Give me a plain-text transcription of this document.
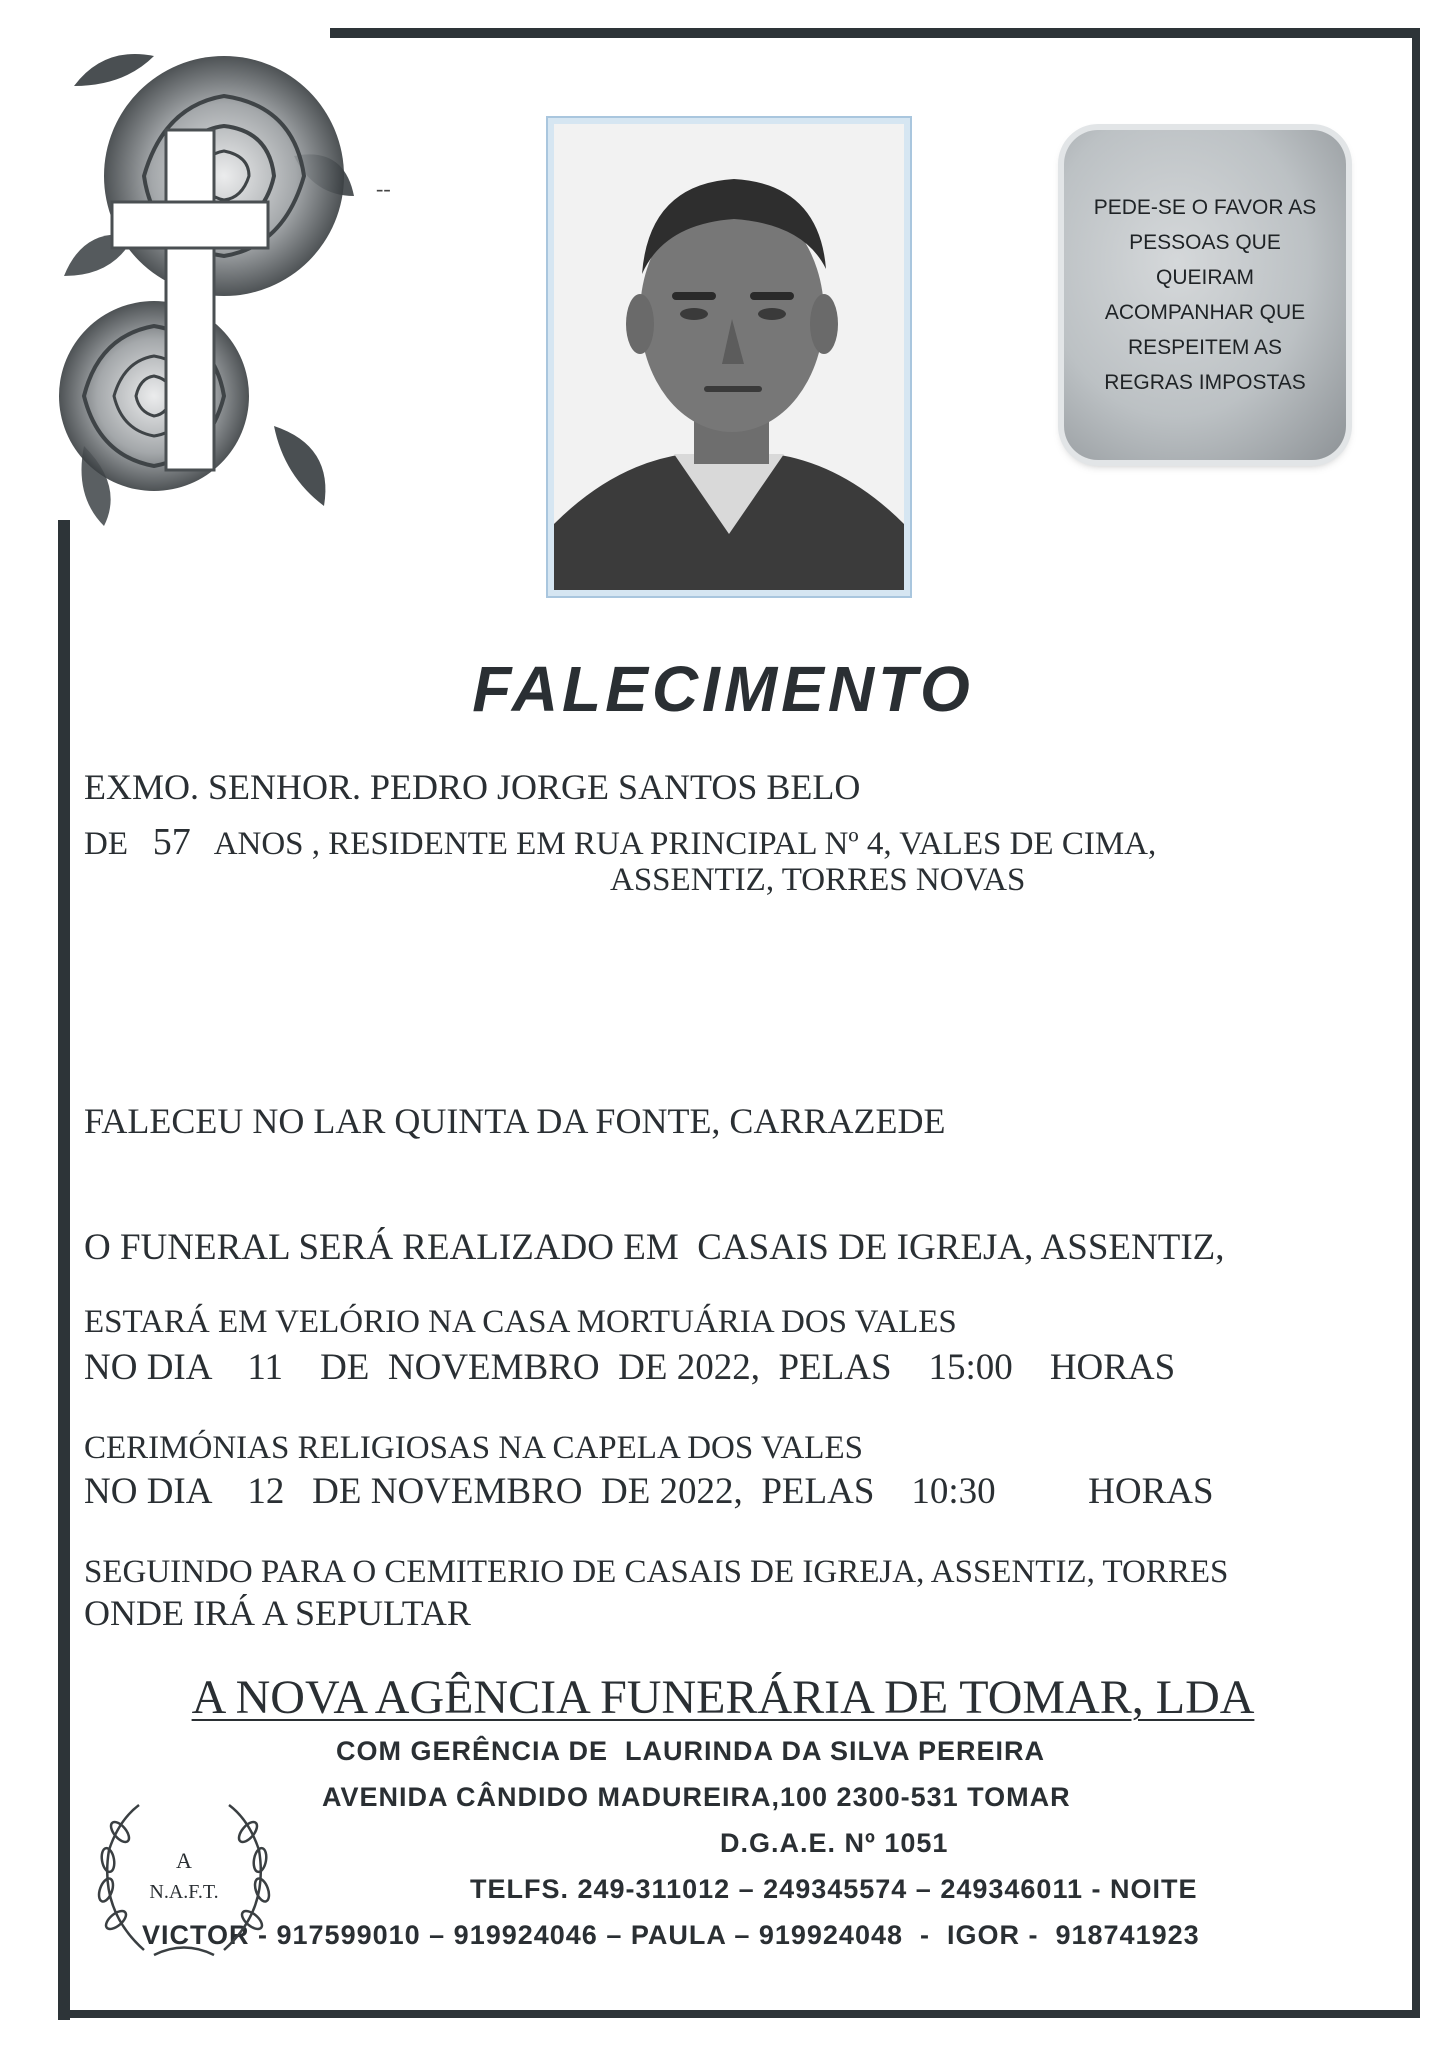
--
PEDE-SE O FAVOR AS
PESSOAS QUE
QUEIRAM
ACOMPANHAR QUE
RESPEITEM AS
REGRAS IMPOSTAS
FALECIMENTO
EXMO. SENHOR. PEDRO JORGE SANTOS BELO
DE 57 ANOS , RESIDENTE EM RUA PRINCIPAL Nº 4, VALES DE CIMA,
ASSENTIZ, TORRES NOVAS
FALECEU NO LAR QUINTA DA FONTE, CARRAZEDE
O FUNERAL SERÁ REALIZADO EM  CASAIS DE IGREJA, ASSENTIZ,
ESTARÁ EM VELÓRIO NA CASA MORTUÁRIA DOS VALES
NO DIA 11 DE  NOVEMBRO  DE 2022, PELAS 15:00 HORAS
CERIMÓNIAS RELIGIOSAS NA CAPELA DOS VALES
NO DIA 12 DE NOVEMBRO  DE 2022, PELAS 10:30	HORAS
SEGUINDO PARA O CEMITERIO DE CASAIS DE IGREJA, ASSENTIZ, TORRES
ONDE IRÁ A SEPULTAR
A NOVA AGÊNCIA FUNERÁRIA DE TOMAR, LDA
COM GERÊNCIA DE  LAURINDA DA SILVA PEREIRA
AVENIDA CÂNDIDO MADUREIRA,100 2300-531 TOMAR
D.G.A.E. Nº 1051
TELFS. 249-311012 – 249345574 – 249346011 - NOITE
VICTOR - 917599010 – 919924046 – PAULA – 919924048  -  IGOR -  918741923
A
N.A.F.T.
